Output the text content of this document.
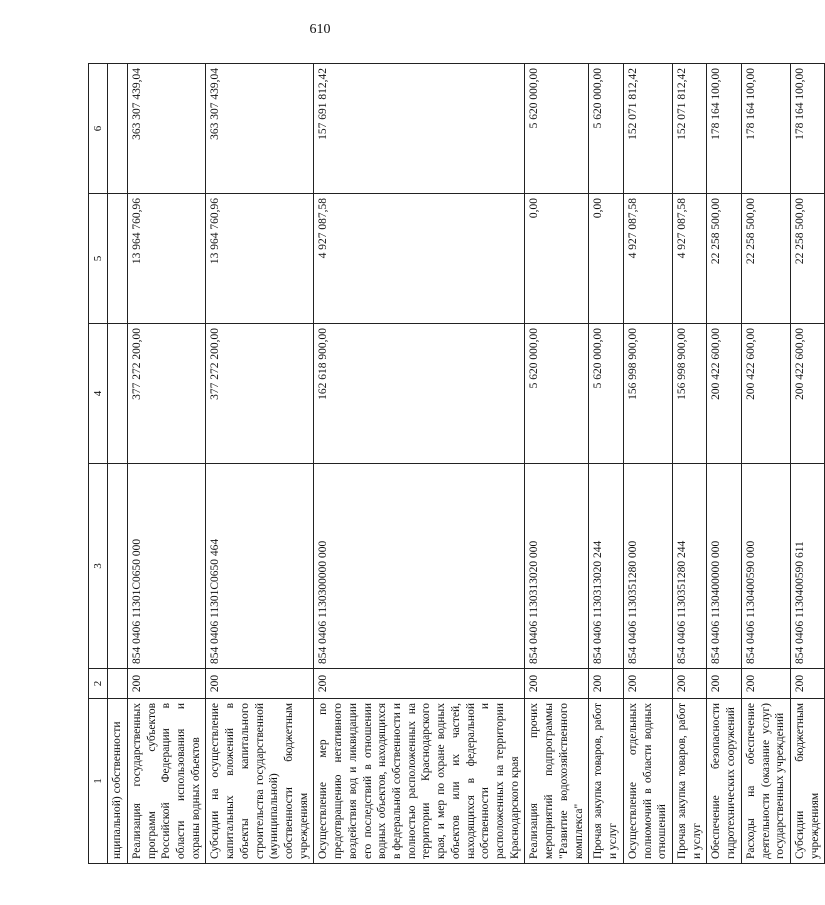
610
1	2	3	4	5	6
нципальной) собственности					
Реализация государственных программ субъектов Российской Федерации в области использования и охраны водных объектов	200	854 0406 11301С0650 000	377 272 200,00	13 964 760,96	363 307 439,04
Субсидии на осуществление капитальных вложений в объекты капитального строительства государственной (муниципальной) собственности бюджетным учреждениям	200	854 0406 11301С0650 464	377 272 200,00	13 964 760,96	363 307 439,04
Осуществление мер по предотвращению негативного воздействия вод и ликвидации его последствий в отношении водных объектов, находящихся в федеральной собственности и полностью расположенных на территории Краснодарского края, и мер по охране водных объектов или их частей, находящихся в федеральной собственности и расположенных на территории Краснодарского края	200	854 0406 1130300000 000	162 618 900,00	4 927 087,58	157 691 812,42
Реализация прочих мероприятий подпрограммы "Развитие водохозяйственного комплекса"	200	854 0406 1130313020 000	5 620 000,00	0,00	5 620 000,00
Прочая закупка товаров, работ и услуг	200	854 0406 1130313020 244	5 620 000,00	0,00	5 620 000,00
Осуществление отдельных полномочий в области водных отношений	200	854 0406 1130351280 000	156 998 900,00	4 927 087,58	152 071 812,42
Прочая закупка товаров, работ и услуг	200	854 0406 1130351280 244	156 998 900,00	4 927 087,58	152 071 812,42
Обеспечение безопасности гидротехнических сооружений	200	854 0406 1130400000 000	200 422 600,00	22 258 500,00	178 164 100,00
Расходы на обеспечение деятельности (оказание услуг) государственных учреждений	200	854 0406 1130400590 000	200 422 600,00	22 258 500,00	178 164 100,00
Субсидии бюджетным учреждениям	200	854 0406 1130400590 611	200 422 600,00	22 258 500,00	178 164 100,00
